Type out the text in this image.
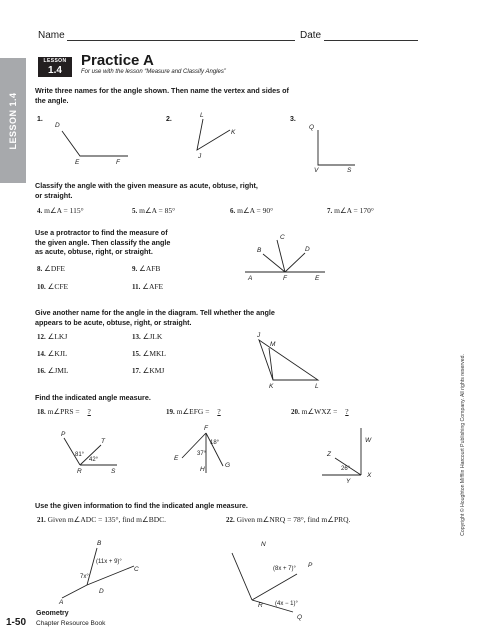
Name	Date
LESSON 1.4
LESSON
1.4
Practice A
For use with the lesson “Measure and Classify Angles”
Write three names for the angle shown. Then name the vertex and sides of
the angle.
1.	2.	3.
D
E	F
L
K
J
Q
V	S
Classify the angle with the given measure as acute, obtuse, right,
or straight.
4. m∠A = 115°	5. m∠A = 85°	6. m∠A = 90°	7. m∠A = 170°
Use a protractor to find the measure of
the given angle. Then classify the angle
as acute, obtuse, right, or straight.
8. ∠DFE	9. ∠AFB
10. ∠CFE	11. ∠AFE
A
B
C
D
E
F
Give another name for the angle in the diagram. Tell whether the angle
appears to be acute, obtuse, right, or straight.
12. ∠LKJ	13. ∠JLK
14. ∠KJL	15. ∠MKL
16. ∠JML	17. ∠KMJ
J
M
K	L
Find the indicated angle measure.
18. m∠PRS = ?	19. m∠EFG = ?	20. m∠WXZ = ?
P
T
R	S
81°
42°
F
E
H
G
18°
37°
W
Z
Y
X
26°
Use the given information to find the indicated angle measure.
21. Given m∠ADC = 135°, find m∠BDC.	22. Given m∠NRQ = 78°, find m∠PRQ.
B
A
C
D
(11x + 9)°
7x°
N
P
R
Q
(8x + 7)°
(4x − 1)°
Copyright © Houghton Mifflin Harcourt Publishing Company. All rights reserved.
1-50
Geometry
Chapter Resource Book
